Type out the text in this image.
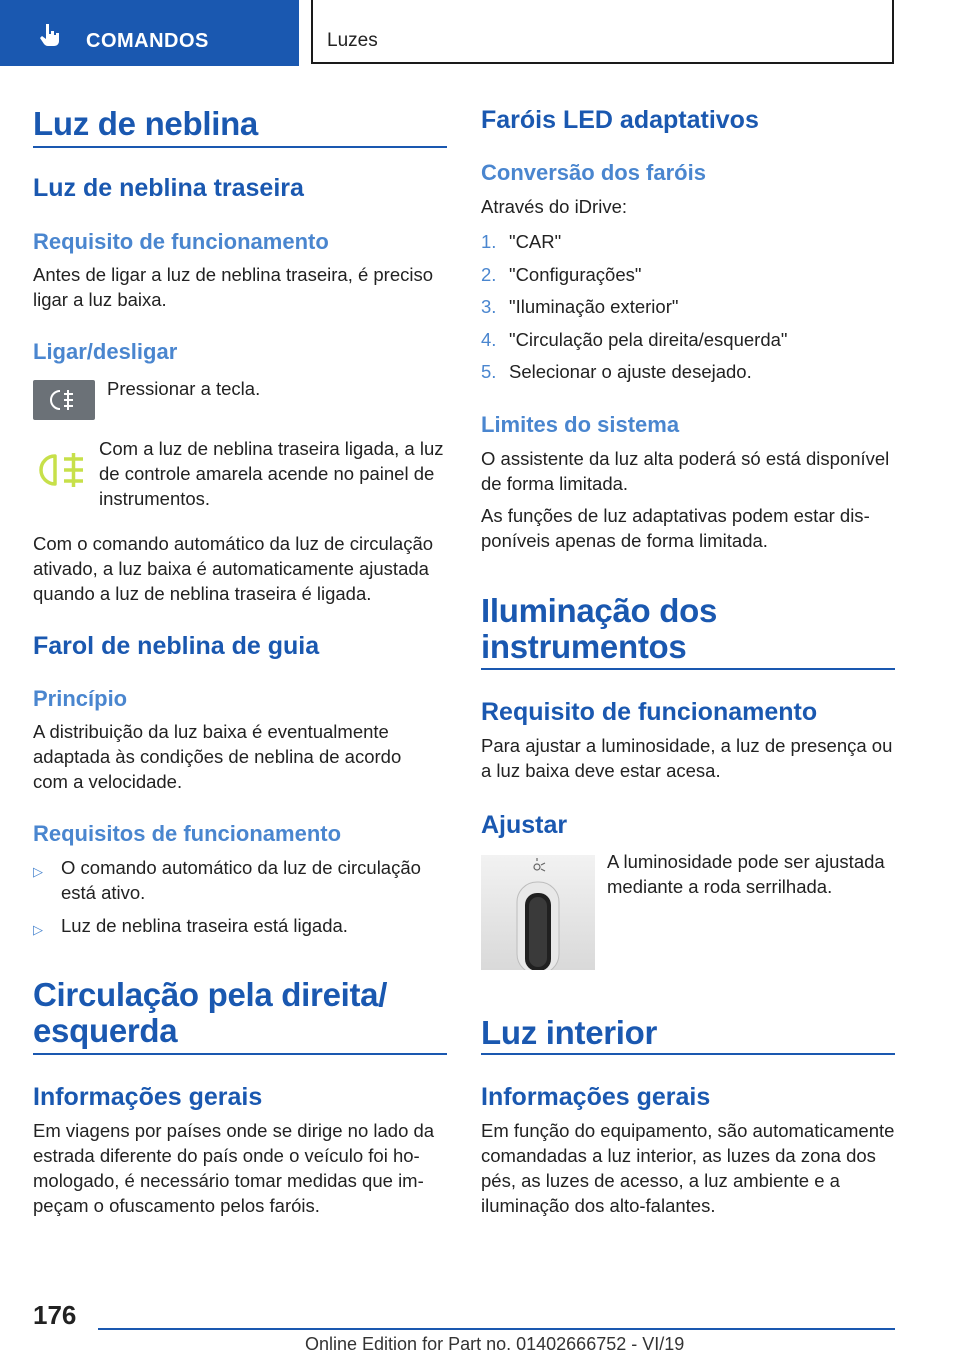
COMANDOS	Luzes
Luz de neblina
Luz de neblina traseira
Requisito de funcionamento
Antes de ligar a luz de neblina traseira, é preciso ligar a luz baixa.
Ligar/desligar
Pressionar a tecla.
Com a luz de neblina traseira ligada, a luz de controle amarela acende no painel de instrumentos.
Com o comando automático da luz de circulação ativado, a luz baixa é automaticamente ajustada quando a luz de neblina traseira é ligada.
Farol de neblina de guia
Princípio
A distribuição da luz baixa é eventualmente adaptada às condições de neblina de acordo com a velocidade.
Requisitos de funcionamento
▷ O comando automático da luz de circulação está ativo.
▷ Luz de neblina traseira está ligada.
Circulação pela direita/
esquerda
Informações gerais
Em viagens por países onde se dirige no lado da estrada diferente do país onde o veículo foi homologado, é necessário tomar medidas que impeçam o ofuscamento pelos faróis.
Faróis LED adaptativos
Conversão dos faróis
Através do iDrive:
1. "CAR"
2. "Configurações"
3. "Iluminação exterior"
4. "Circulação pela direita/esquerda"
5. Selecionar o ajuste desejado.
Limites do sistema
O assistente da luz alta poderá só está disponível de forma limitada.
As funções de luz adaptativas podem estar disponíveis apenas de forma limitada.
Iluminação dos
instrumentos
Requisito de funcionamento
Para ajustar a luminosidade, a luz de presença ou a luz baixa deve estar acesa.
Ajustar
A luminosidade pode ser ajustada mediante a roda serrilhada.
Luz interior
Informações gerais
Em função do equipamento, são automaticamente comandadas a luz interior, as luzes da zona dos pés, as luzes de acesso, a luz ambiente e a iluminação dos alto-falantes.
176
Online Edition for Part no. 01402666752 - VI/19
